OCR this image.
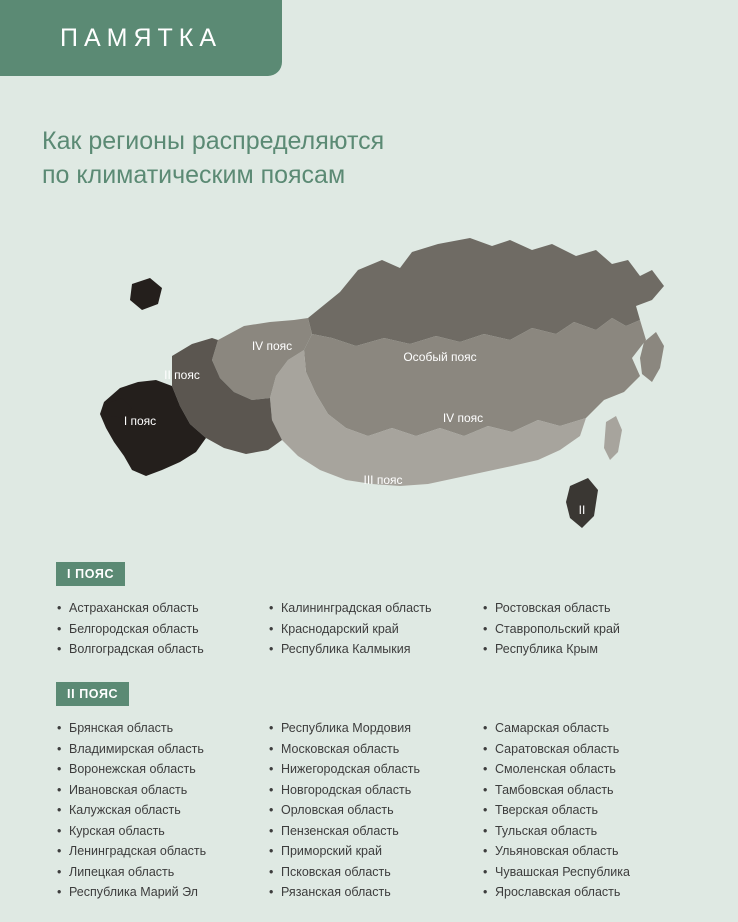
ПАМЯТКА
Как регионы распределяются
по климатическим поясам
IV пояс
II пояс
I пояс
Особый пояс
IV пояс
III пояс
II
I ПОЯС
• Астраханская область
• Белгородская область
• Волгоградская область
• Калининградская область
• Краснодарский край
• Республика Калмыкия
• Ростовская область
• Ставропольский край
• Республика Крым
II ПОЯС
• Брянская область
• Владимирская область
• Воронежская область
• Ивановская область
• Калужская область
• Курская область
• Ленинградская область
• Липецкая область
• Республика Марий Эл
• Республика Мордовия
• Московская область
• Нижегородская область
• Новгородская область
• Орловская область
• Пензенская область
• Приморский край
• Псковская область
• Рязанская область
• Самарская область
• Саратовская область
• Смоленская область
• Тамбовская область
• Тверская область
• Тульская область
• Ульяновская область
• Чувашская Республика
• Ярославская область
